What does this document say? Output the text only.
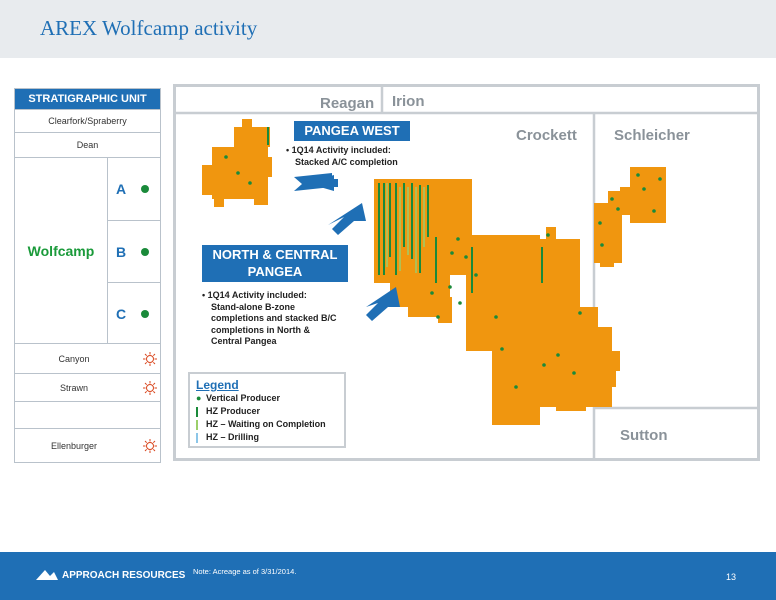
AREX Wolfcamp activity
STRATIGRAPHIC UNIT
Clearfork/Spraberry
Dean
Wolfcamp
A
B
C
Canyon
Strawn
Ellenburger
Reagan Irion
Crockett Schleicher
Sutton
PANGEA WEST
• 1Q14 Activity included:
Stacked A/C completion
NORTH & CENTRAL
PANGEA
• 1Q14 Activity included:
Stand-alone B-zone
completions and stacked B/C
completions in North &
Central Pangea
Legend
● Vertical Producer
HZ Producer
HZ – Waiting on Completion
HZ – Drilling
APPROACH RESOURCES Note: Acreage as of 3/31/2014.
13
